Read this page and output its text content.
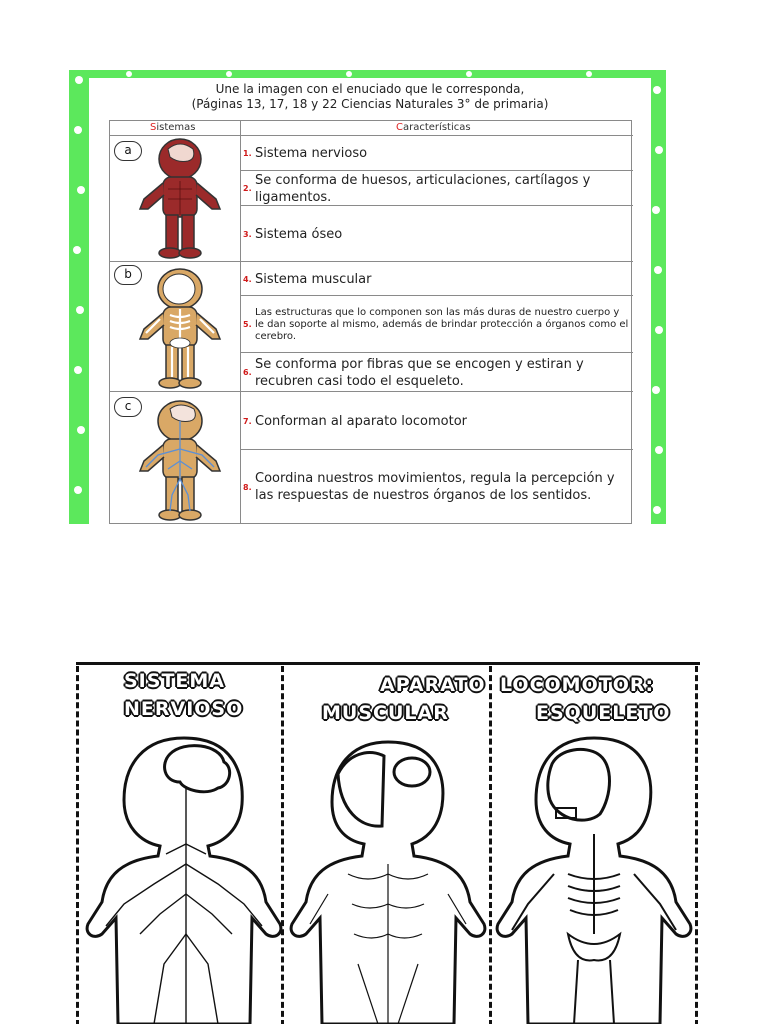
Une la imagen con el enuciado que le corresponda,
(Páginas 13, 17, 18 y 22 Ciencias Naturales 3° de primaria)
Sistemas	Características
a
b
c
1. Sistema nervioso
2.
Se conforma de huesos, articulaciones, cartílagos y ligamentos.
3. Sistema óseo
4. Sistema muscular
5.
Las estructuras que lo componen son las más duras de nuestro cuerpo y le dan soporte al mismo, además de brindar protección a órganos como el cerebro.
6.
Se conforma por fibras que se encogen y estiran y recubren casi todo el esqueleto.
7. Conforman al aparato locomotor
8.
Coordina nuestros movimientos, regula la percepción y las respuestas de nuestros órganos de los sentidos.
SISTEMA
NERVIOSO
APARATO LOCOMOTOR:
MUSCULAR	ESQUELETO
